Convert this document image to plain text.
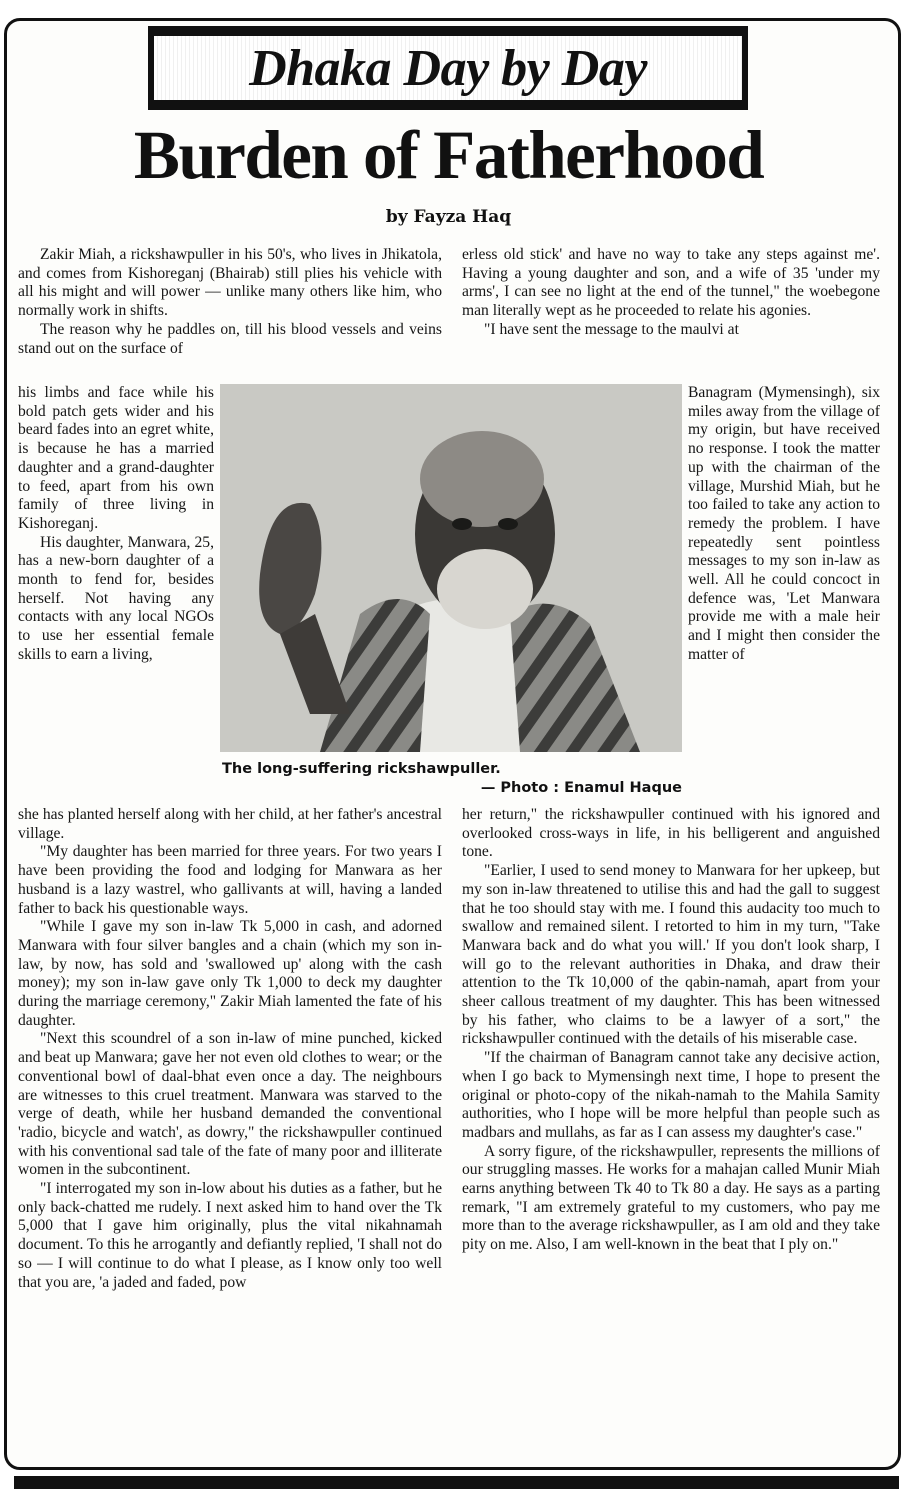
Dhaka Day by Day
Burden of Fatherhood
by Fayza Haq

Zakir Miah, a rickshawpuller in his 50's, who lives in Jhikatola, and comes from Kishoreganj (Bhairab) still plies his vehicle with all his might and will power — unlike many others like him, who normally work in shifts.

The reason why he paddles on, till his blood vessels and veins stand out on the surface of

his limbs and face while his bold patch gets wider and his beard fades into an egret white, is because he has a married daughter and a grand-daughter to feed, apart from his own family of three living in Kishoreganj.

His daughter, Manwara, 25, has a new-born daughter of a month to fend for, besides herself. Not having any contacts with any local NGOs to use her essential female skills to earn a living,

The long-suffering rickshawpuller.
— Photo : Enamul Haque

she has planted herself along with her child, at her father's ancestral village.

"My daughter has been married for three years. For two years I have been providing the food and lodging for Manwara as her husband is a lazy wastrel, who gallivants at will, having a landed father to back his questionable ways.

"While I gave my son in-law Tk 5,000 in cash, and adorned Manwara with four silver bangles and a chain (which my son in-law, by now, has sold and 'swallowed up' along with the cash money); my son in-law gave only Tk 1,000 to deck my daughter during the marriage ceremony," Zakir Miah lamented the fate of his daughter.

"Next this scoundrel of a son in-law of mine punched, kicked and beat up Manwara; gave her not even old clothes to wear; or the conventional bowl of daal-bhat even once a day. The neighbours are witnesses to this cruel treatment. Manwara was starved to the verge of death, while her husband demanded the conventional 'radio, bicycle and watch', as dowry," the rickshawpuller continued with his conventional sad tale of the fate of many poor and illiterate women in the subcontinent.

"I interrogated my son in-low about his duties as a father, but he only back-chatted me rudely. I next asked him to hand over the Tk 5,000 that I gave him originally, plus the vital nikahnamah document. To this he arrogantly and defiantly replied, 'I shall not do so — I will continue to do what I please, as I know only too well that you are, 'a jaded and faded, pow

erless old stick' and have no way to take any steps against me'. Having a young daughter and son, and a wife of 35 'under my arms', I can see no light at the end of the tunnel," the woebegone man literally wept as he proceeded to relate his agonies.

"I have sent the message to the maulvi at

Banagram (Mymensingh), six miles away from the village of my origin, but have received no response. I took the matter up with the chairman of the village, Murshid Miah, but he too failed to take any action to remedy the problem. I have repeatedly sent pointless messages to my son in-law as well. All he could concoct in defence was, 'Let Manwara provide me with a male heir and I might then consider the matter of

her return," the rickshawpuller continued with his ignored and overlooked cross-ways in life, in his belligerent and anguished tone.

"Earlier, I used to send money to Manwara for her upkeep, but my son in-law threatened to utilise this and had the gall to suggest that he too should stay with me. I found this audacity too much to swallow and remained silent. I retorted to him in my turn, "Take Manwara back and do what you will.' If you don't look sharp, I will go to the relevant authorities in Dhaka, and draw their attention to the Tk 10,000 of the qabin-namah, apart from your sheer callous treatment of my daughter. This has been witnessed by his father, who claims to be a lawyer of a sort," the rickshawpuller continued with the details of his miserable case.

"If the chairman of Banagram cannot take any decisive action, when I go back to Mymensingh next time, I hope to present the original or photo-copy of the nikah-namah to the Mahila Samity authorities, who I hope will be more helpful than people such as madbars and mullahs, as far as I can assess my daughter's case."

A sorry figure, of the rickshawpuller, represents the millions of our struggling masses. He works for a mahajan called Munir Miah earns anything between Tk 40 to Tk 80 a day. He says as a parting remark, "I am extremely grateful to my customers, who pay me more than to the average rickshawpuller, as I am old and they take pity on me. Also, I am well-known in the beat that I ply on."
